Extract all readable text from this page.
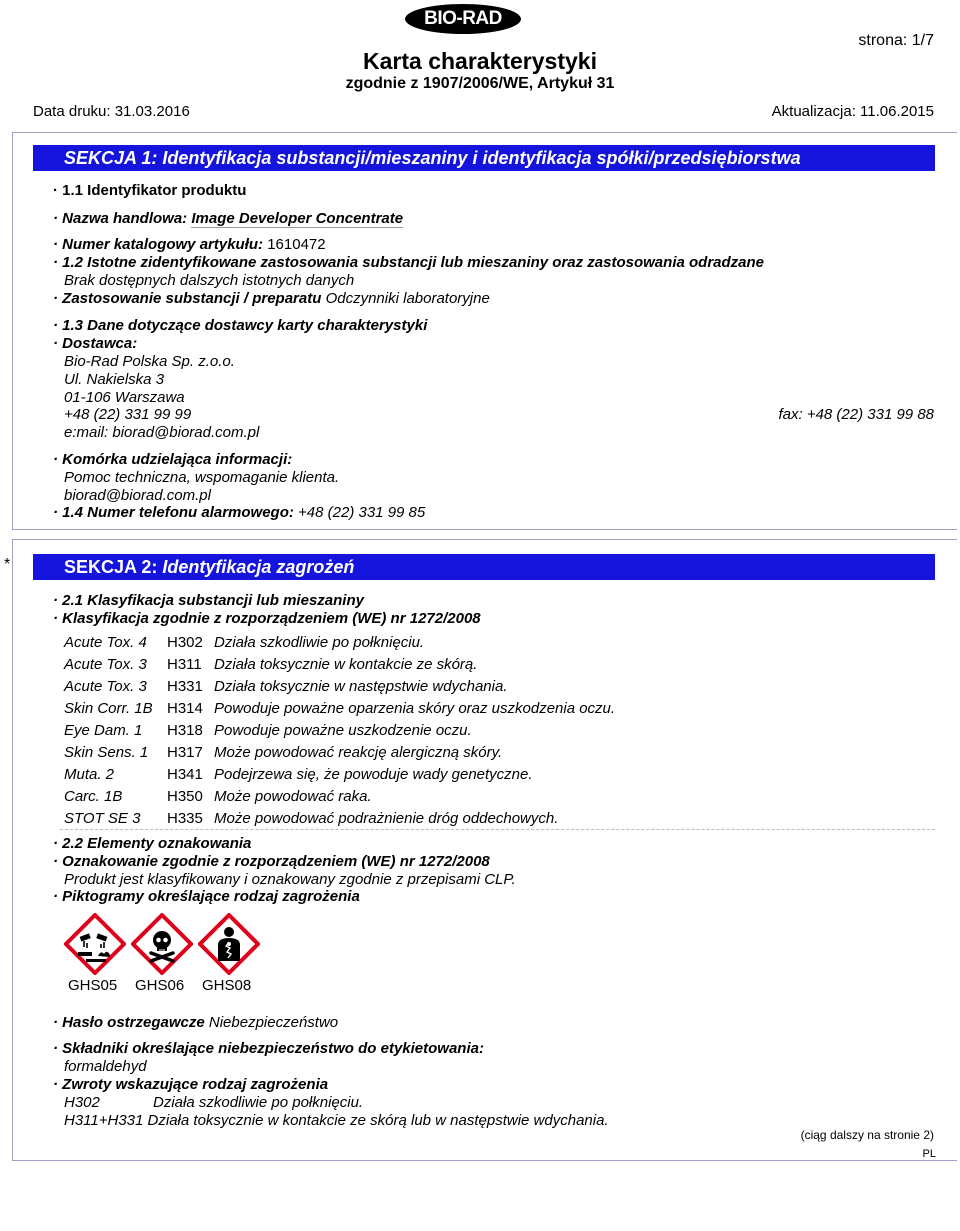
BIO-RAD
strona: 1/7
Karta charakterystyki
zgodnie z 1907/2006/WE, Artykuł 31
Data druku: 31.03.2016	Aktualizacja: 11.06.2015
SEKCJA 1: Identyfikacja substancji/mieszaniny i identyfikacja spółki/przedsiębiorstwa
· 1.1 Identyfikator produktu
· Nazwa handlowa: Image Developer Concentrate
· Numer katalogowy artykułu: 1610472
· 1.2 Istotne zidentyfikowane zastosowania substancji lub mieszaniny oraz zastosowania odradzane
Brak dostępnych dalszych istotnych danych
· Zastosowanie substancji / preparatu Odczynniki laboratoryjne
· 1.3 Dane dotyczące dostawcy karty charakterystyki
· Dostawca:
Bio-Rad Polska Sp. z.o.o.
Ul. Nakielska 3
01-106 Warszawa
+48 (22) 331 99 99	fax: +48 (22) 331 99 88
e:mail: biorad@biorad.com.pl
· Komórka udzielająca informacji:
Pomoc techniczna, wspomaganie klienta.
biorad@biorad.com.pl
· 1.4 Numer telefonu alarmowego: +48 (22) 331 99 85
*	SEKCJA 2: Identyfikacja zagrożeń
· 2.1 Klasyfikacja substancji lub mieszaniny
· Klasyfikacja zgodnie z rozporządzeniem (WE) nr 1272/2008
Acute Tox. 4	H302	Działa szkodliwie po połknięciu.
Acute Tox. 3	H311	Działa toksycznie w kontakcie ze skórą.
Acute Tox. 3	H331	Działa toksycznie w następstwie wdychania.
Skin Corr. 1B	H314	Powoduje poważne oparzenia skóry oraz uszkodzenia oczu.
Eye Dam. 1	H318	Powoduje poważne uszkodzenie oczu.
Skin Sens. 1	H317	Może powodować reakcję alergiczną skóry.
Muta. 2	H341	Podejrzewa się, że powoduje wady genetyczne.
Carc. 1B	H350	Może powodować raka.
STOT SE 3	H335	Może powodować podrażnienie dróg oddechowych.
· 2.2 Elementy oznakowania
· Oznakowanie zgodnie z rozporządzeniem (WE) nr 1272/2008
Produkt jest klasyfikowany i oznakowany zgodnie z przepisami CLP.
· Piktogramy określające rodzaj zagrożenia
GHS05 GHS06 GHS08
· Hasło ostrzegawcze Niebezpieczeństwo
· Składniki określające niebezpieczeństwo do etykietowania:
formaldehyd
· Zwroty wskazujące rodzaj zagrożenia
H302	Działa szkodliwie po połknięciu.
H311+H331 Działa toksycznie w kontakcie ze skórą lub w następstwie wdychania.
(ciąg dalszy na stronie 2)
PL
